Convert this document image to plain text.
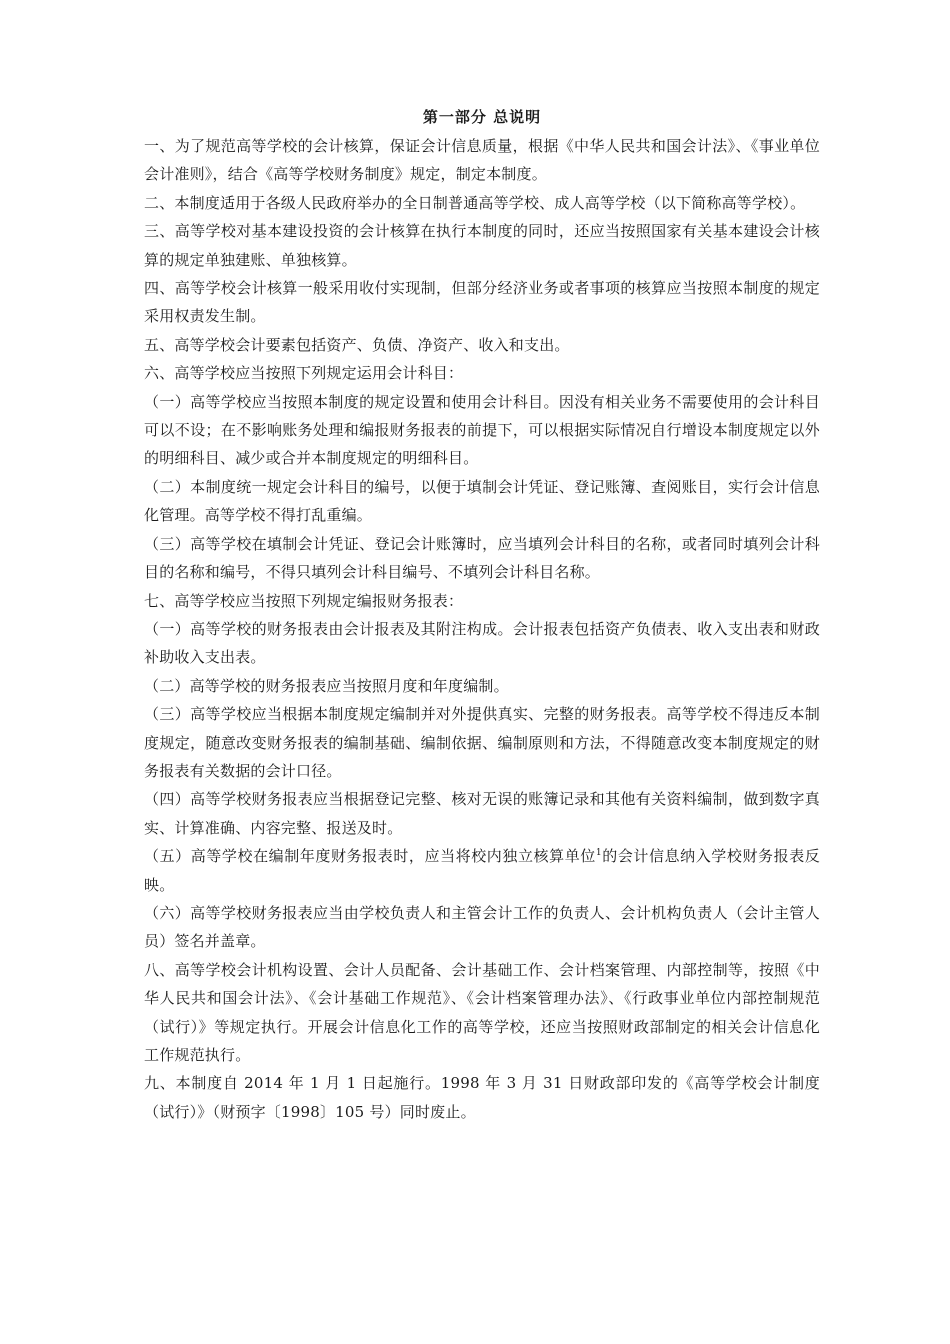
第一部分 总说明

一、为了规范高等学校的会计核算，保证会计信息质量，根据《中华人民共和国会计法》、《事业单位会计准则》，结合《高等学校财务制度》规定，制定本制度。

二、本制度适用于各级人民政府举办的全日制普通高等学校、成人高等学校（以下简称高等学校）。

三、高等学校对基本建设投资的会计核算在执行本制度的同时，还应当按照国家有关基本建设会计核算的规定单独建账、单独核算。

四、高等学校会计核算一般采用收付实现制，但部分经济业务或者事项的核算应当按照本制度的规定采用权责发生制。

五、高等学校会计要素包括资产、负债、净资产、收入和支出。

六、高等学校应当按照下列规定运用会计科目：

（一）高等学校应当按照本制度的规定设置和使用会计科目。因没有相关业务不需要使用的会计科目可以不设；在不影响账务处理和编报财务报表的前提下，可以根据实际情况自行增设本制度规定以外的明细科目、减少或合并本制度规定的明细科目。

（二）本制度统一规定会计科目的编号，以便于填制会计凭证、登记账簿、查阅账目，实行会计信息化管理。高等学校不得打乱重编。

（三）高等学校在填制会计凭证、登记会计账簿时，应当填列会计科目的名称，或者同时填列会计科目的名称和编号，不得只填列会计科目编号、不填列会计科目名称。

七、高等学校应当按照下列规定编报财务报表：

（一）高等学校的财务报表由会计报表及其附注构成。会计报表包括资产负债表、收入支出表和财政补助收入支出表。

（二）高等学校的财务报表应当按照月度和年度编制。

（三）高等学校应当根据本制度规定编制并对外提供真实、完整的财务报表。高等学校不得违反本制度规定，随意改变财务报表的编制基础、编制依据、编制原则和方法，不得随意改变本制度规定的财务报表有关数据的会计口径。

（四）高等学校财务报表应当根据登记完整、核对无误的账簿记录和其他有关资料编制，做到数字真实、计算准确、内容完整、报送及时。

（五）高等学校在编制年度财务报表时，应当将校内独立核算单位$^1$的会计信息纳入学校财务报表反映。

（六）高等学校财务报表应当由学校负责人和主管会计工作的负责人、会计机构负责人（会计主管人员）签名并盖章。

八、高等学校会计机构设置、会计人员配备、会计基础工作、会计档案管理、内部控制等，按照《中华人民共和国会计法》、《会计基础工作规范》、《会计档案管理办法》、《行政事业单位内部控制规范（试行）》等规定执行。开展会计信息化工作的高等学校，还应当按照财政部制定的相关会计信息化工作规范执行。

九、本制度自 2014 年 1 月 1 日起施行。1998 年 3 月 31 日财政部印发的《高等学校会计制度（试行）》（财预字〔1998〕105 号）同时废止。
